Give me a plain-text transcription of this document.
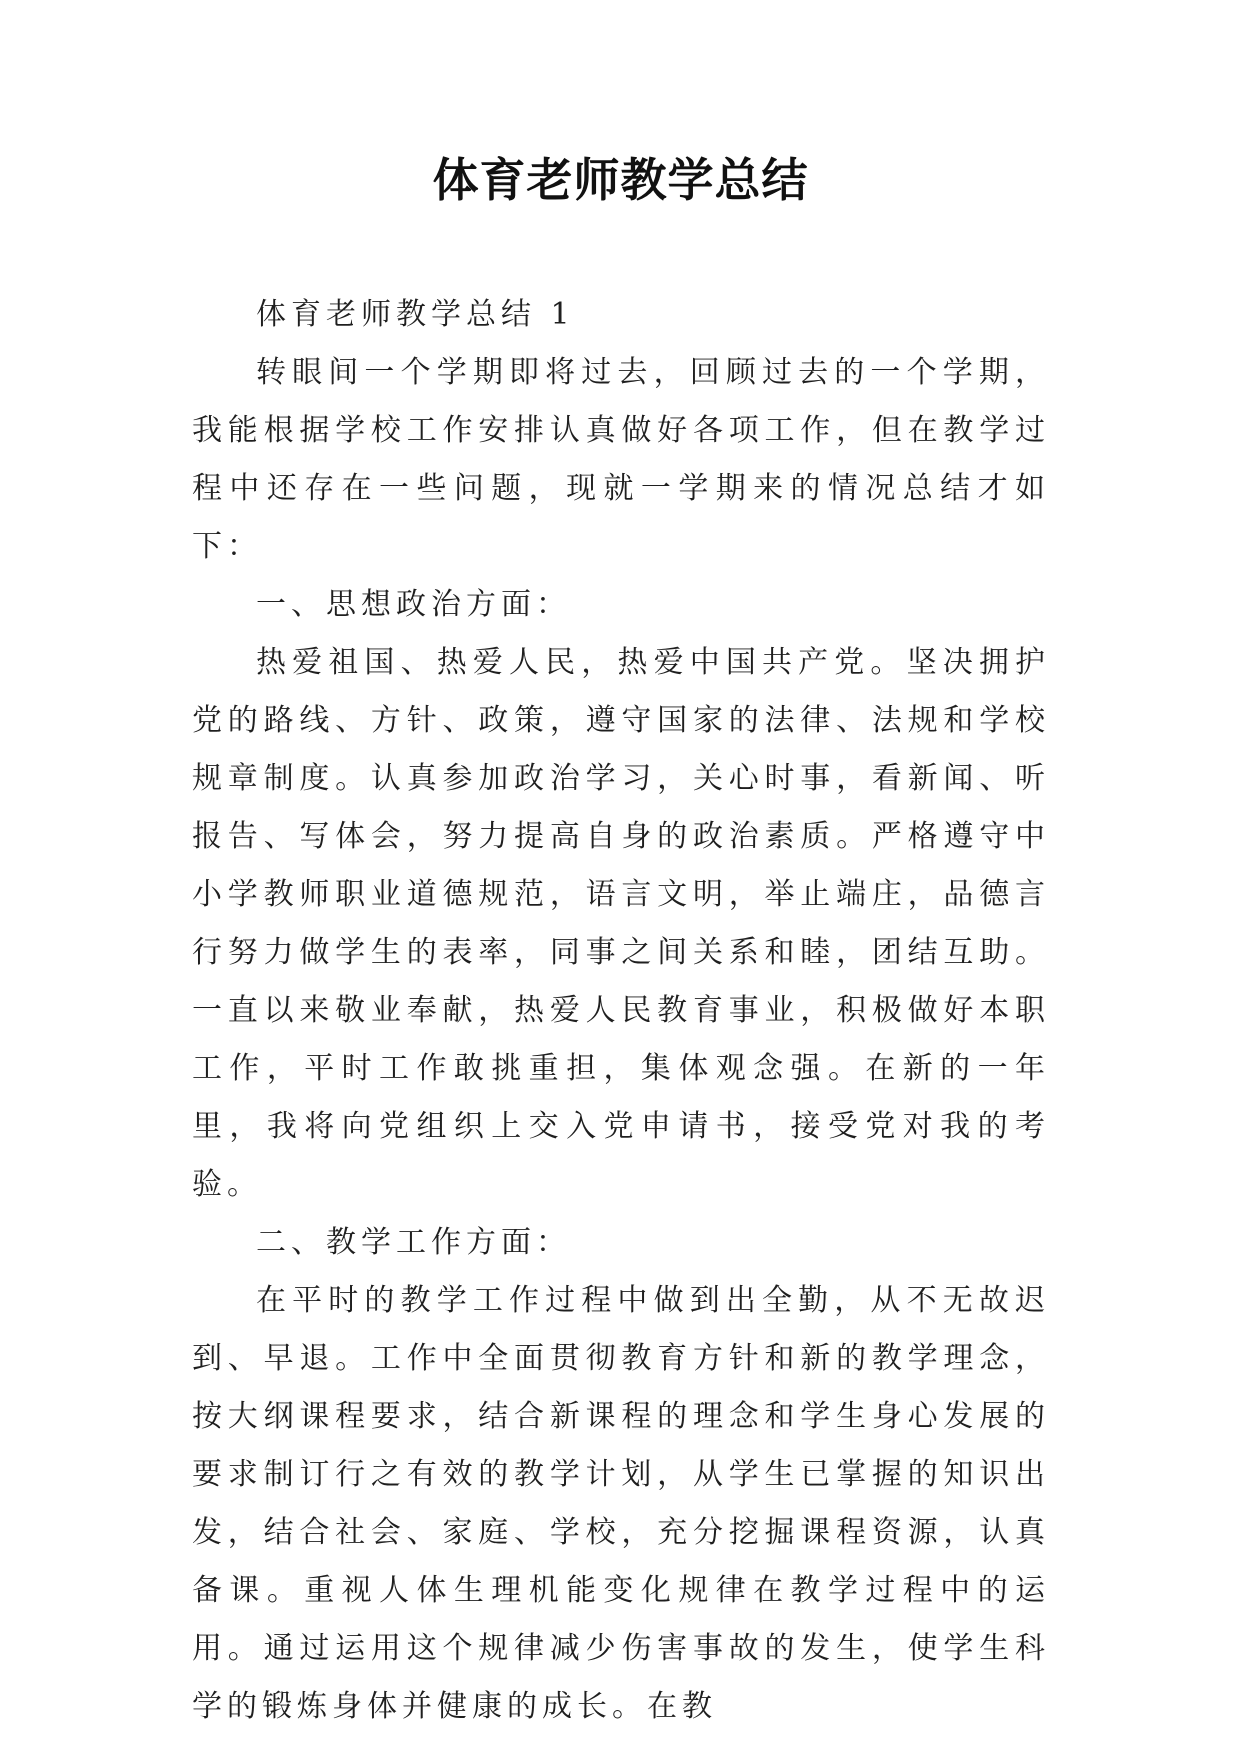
体育老师教学总结

体育老师教学总结 1

转眼间一个学期即将过去，回顾过去的一个学期，我能根据学校工作安排认真做好各项工作，但在教学过程中还存在一些问题，现就一学期来的情况总结才如下：

一、思想政治方面：

热爱祖国、热爱人民，热爱中国共产党。坚决拥护党的路线、方针、政策，遵守国家的法律、法规和学校规章制度。认真参加政治学习，关心时事，看新闻、听报告、写体会，努力提高自身的政治素质。严格遵守中小学教师职业道德规范，语言文明，举止端庄，品德言行努力做学生的表率，同事之间关系和睦，团结互助。一直以来敬业奉献，热爱人民教育事业，积极做好本职工作，平时工作敢挑重担，集体观念强。在新的一年里，我将向党组织上交入党申请书，接受党对我的考验。

二、教学工作方面：

在平时的教学工作过程中做到出全勤，从不无故迟到、早退。工作中全面贯彻教育方针和新的教学理念，按大纲课程要求，结合新课程的理念和学生身心发展的要求制订行之有效的教学计划，从学生已掌握的知识出发，结合社会、家庭、学校，充分挖掘课程资源，认真备课。重视人体生理机能变化规律在教学过程中的运用。通过运用这个规律减少伤害事故的发生，使学生科学的锻炼身体并健康的成长。在教
